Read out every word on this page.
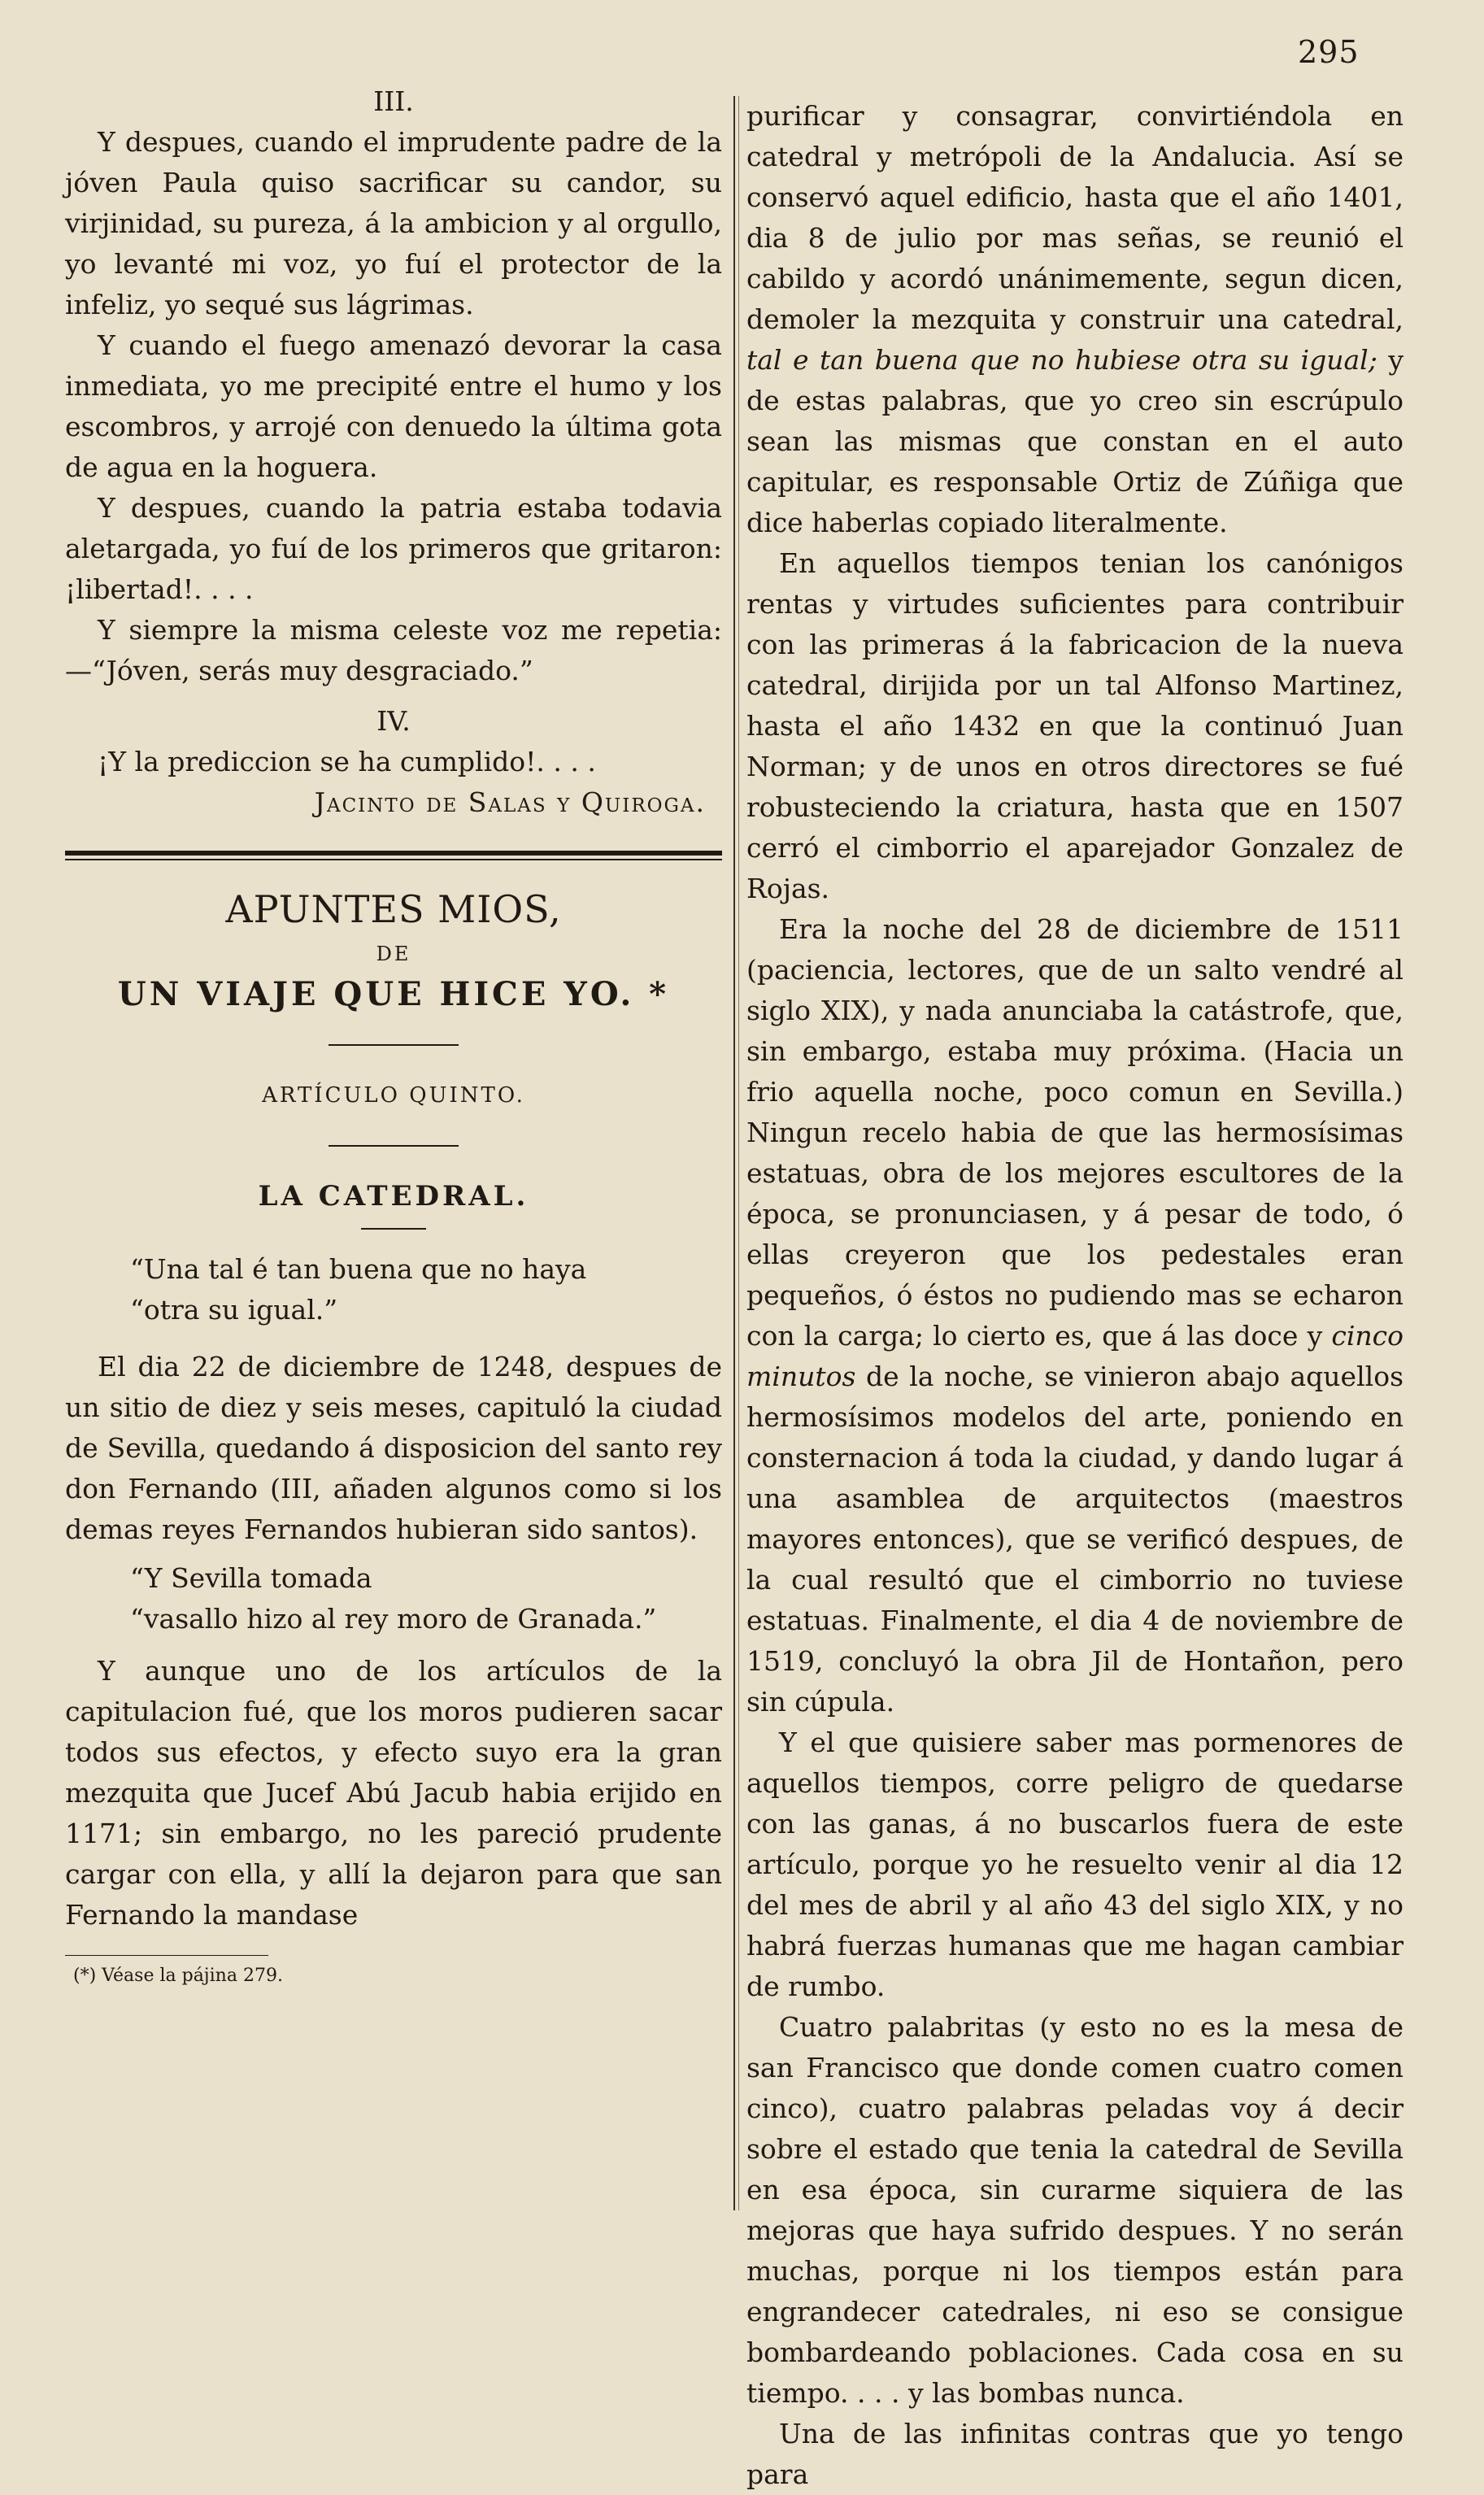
295

III.

Y despues, cuando el imprudente padre de la jóven Paula quiso sacrificar su candor, su virjinidad, su pureza, á la ambicion y al orgullo, yo levanté mi voz, yo fuí el protector de la infeliz, yo sequé sus lágrimas.

Y cuando el fuego amenazó devorar la casa inmediata, yo me precipité entre el humo y los escombros, y arrojé con denuedo la última gota de agua en la hoguera.

Y despues, cuando la patria estaba todavia aletargada, yo fuí de los primeros que gritaron: ¡libertad!. . . .

Y siempre la misma celeste voz me repetia:—“Jóven, serás muy desgraciado.”

IV.

¡Y la prediccion se ha cumplido!. . . .

Jacinto de Salas y Quiroga.

APUNTES MIOS,

DE

UN VIAJE QUE HICE YO. *

ARTÍCULO QUINTO.

LA CATEDRAL.

“Una tal é tan buena que no haya

“otra su igual.”

El dia 22 de diciembre de 1248, despues de un sitio de diez y seis meses, capituló la ciudad de Sevilla, quedando á disposicion del santo rey don Fernando (III, añaden algunos como si los demas reyes Fernandos hubieran sido santos).

“Y Sevilla tomada

“vasallo hizo al rey moro de Granada.”

Y aunque uno de los artículos de la capitulacion fué, que los moros pudieren sacar todos sus efectos, y efecto suyo era la gran mezquita que Jucef Abú Jacub habia erijido en 1171; sin embargo, no les pareció prudente cargar con ella, y allí la dejaron para que san Fernando la mandase

(*) Véase la pájina 279.

purificar y consagrar, convirtiéndola en catedral y metrópoli de la Andalucia. Así se conservó aquel edificio, hasta que el año 1401, dia 8 de julio por mas señas, se reunió el cabildo y acordó unánimemente, segun dicen, demoler la mezquita y construir una catedral, tal e tan buena que no hubiese otra su igual; y de estas palabras, que yo creo sin escrúpulo sean las mismas que constan en el auto capitular, es responsable Ortiz de Zúñiga que dice haberlas copiado literalmente.

En aquellos tiempos tenian los canónigos rentas y virtudes suficientes para contribuir con las primeras á la fabricacion de la nueva catedral, dirijida por un tal Alfonso Martinez, hasta el año 1432 en que la continuó Juan Norman; y de unos en otros directores se fué robusteciendo la criatura, hasta que en 1507 cerró el cimborrio el aparejador Gonzalez de Rojas.

Era la noche del 28 de diciembre de 1511 (paciencia, lectores, que de un salto vendré al siglo XIX), y nada anunciaba la catástrofe, que, sin embargo, estaba muy próxima. (Hacia un frio aquella noche, poco comun en Sevilla.) Ningun recelo habia de que las hermosísimas estatuas, obra de los mejores escultores de la época, se pronunciasen, y á pesar de todo, ó ellas creyeron que los pedestales eran pequeños, ó éstos no pudiendo mas se echaron con la carga; lo cierto es, que á las doce y cinco minutos de la noche, se vinieron abajo aquellos hermosísimos modelos del arte, poniendo en consternacion á toda la ciudad, y dando lugar á una asamblea de arquitectos (maestros mayores entonces), que se verificó despues, de la cual resultó que el cimborrio no tuviese estatuas. Finalmente, el dia 4 de noviembre de 1519, concluyó la obra Jil de Hontañon, pero sin cúpula.

Y el que quisiere saber mas pormenores de aquellos tiempos, corre peligro de quedarse con las ganas, á no buscarlos fuera de este artículo, porque yo he resuelto venir al dia 12 del mes de abril y al año 43 del siglo XIX, y no habrá fuerzas humanas que me hagan cambiar de rumbo.

Cuatro palabritas (y esto no es la mesa de san Francisco que donde comen cuatro comen cinco), cuatro palabras peladas voy á decir sobre el estado que tenia la catedral de Sevilla en esa época, sin curarme siquiera de las mejoras que haya sufrido despues. Y no serán muchas, porque ni los tiempos están para engrandecer catedrales, ni eso se consigue bombardeando poblaciones. Cada cosa en su tiempo. . . . y las bombas nunca.

Una de las infinitas contras que yo tengo para
